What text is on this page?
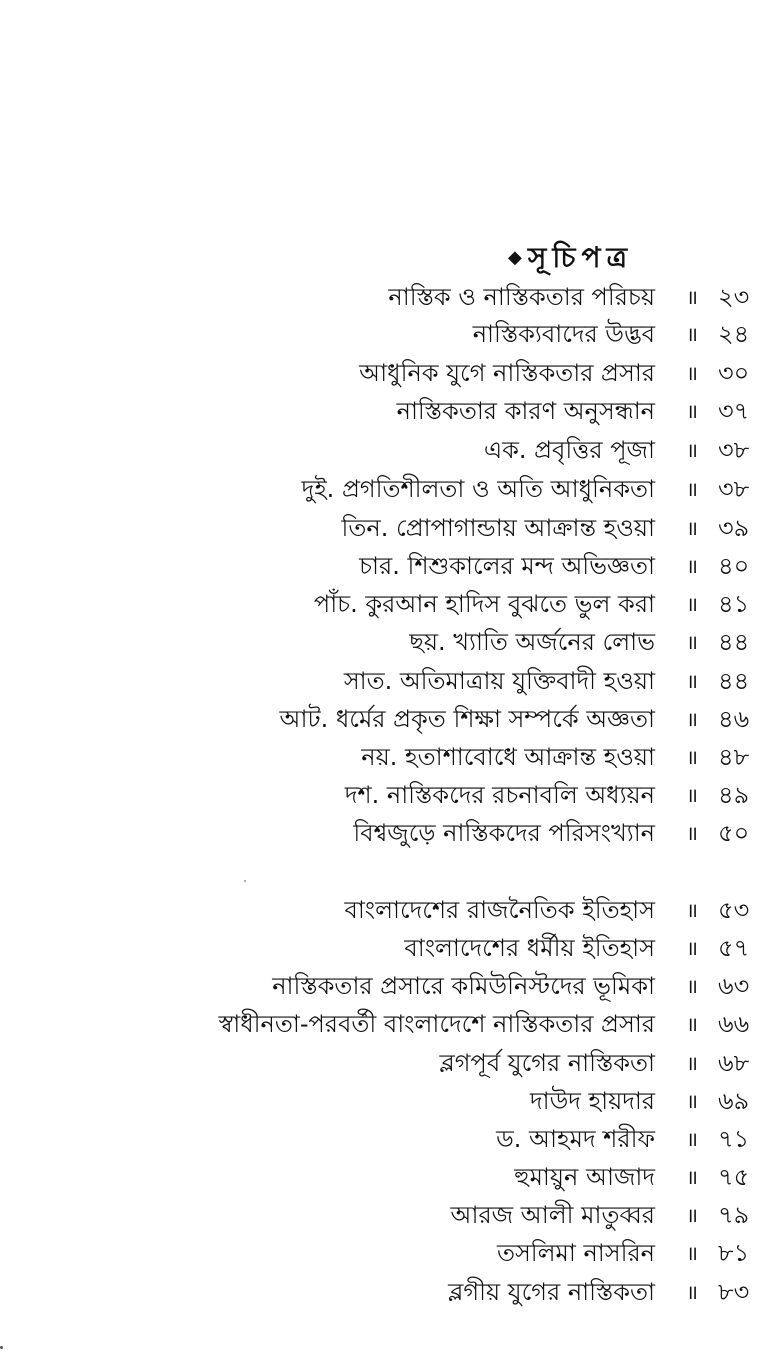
◆ সূচিপত্র
নাস্তিক ও নাস্তিকতার পরিচয় ॥ ২৩
নাস্তিক্যবাদের উদ্ভব ॥ ২৪
আধুনিক যুগে নাস্তিকতার প্রসার ॥ ৩০
নাস্তিকতার কারণ অনুসন্ধান ॥ ৩৭
এক. প্রবৃত্তির পূজা ॥ ৩৮
দুই. প্রগতিশীলতা ও অতি আধুনিকতা ॥ ৩৮
তিন. প্রোপাগান্ডায় আক্রান্ত হওয়া ॥ ৩৯
চার. শিশুকালের মন্দ অভিজ্ঞতা ॥ ৪০
পাঁচ. কুরআন হাদিস বুঝতে ভুল করা ॥ ৪১
ছয়. খ্যাতি অর্জনের লোভ ॥ ৪৪
সাত. অতিমাত্রায় যুক্তিবাদী হওয়া ॥ ৪৪
আট. ধর্মের প্রকৃত শিক্ষা সম্পর্কে অজ্ঞতা ॥ ৪৬
নয়. হতাশাবোধে আক্রান্ত হওয়া ॥ ৪৮
দশ. নাস্তিকদের রচনাবলি অধ্যয়ন ॥ ৪৯
বিশ্বজুড়ে নাস্তিকদের পরিসংখ্যান ॥ ৫০
বাংলাদেশের রাজনৈতিক ইতিহাস ॥ ৫৩
বাংলাদেশের ধর্মীয় ইতিহাস ॥ ৫৭
নাস্তিকতার প্রসারে কমিউনিস্টদের ভূমিকা ॥ ৬৩
স্বাধীনতা-পরবর্তী বাংলাদেশে নাস্তিকতার প্রসার ॥ ৬৬
ব্লগপূর্ব যুগের নাস্তিকতা ॥ ৬৮
দাউদ হায়দার ॥ ৬৯
ড. আহমদ শরীফ ॥ ৭১
হুমায়ুন আজাদ ॥ ৭৫
আরজ আলী মাতুব্বর ॥ ৭৯
তসলিমা নাসরিন ॥ ৮১
ব্লগীয় যুগের নাস্তিকতা ॥ ৮৩
